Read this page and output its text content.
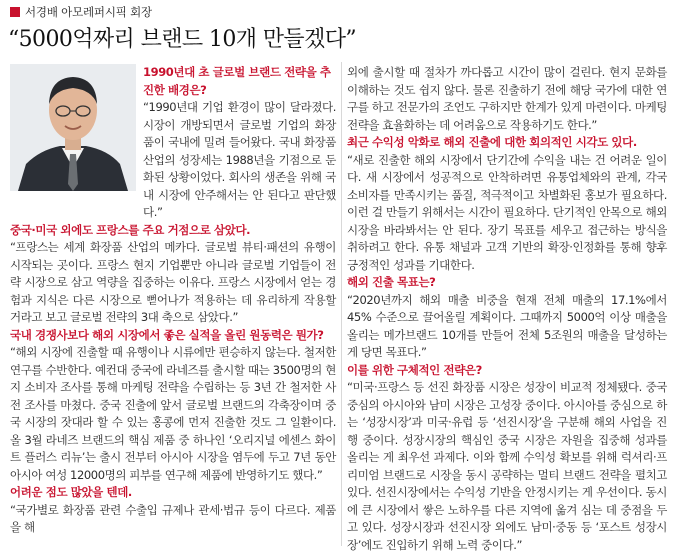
서경배 아모레퍼시픽 회장
“5000억짜리 브랜드 10개 만들겠다”

1990년대 초 글로벌 브랜드 전략을 추진한 배경은?

“1990년대 기업 환경이 많이 달라졌다. 시장이 개방되면서 글로벌 기업의 화장품이 국내에 밀려 들어왔다. 국내 화장품 산업의 성장세는 1988년을 기점으로 둔화된 상황이었다. 회사의 생존을 위해 국내 시장에 안주해서는 안 된다고 판단했다.”

중국·미국 외에도 프랑스를 주요 거점으로 삼았다.

“프랑스는 세계 화장품 산업의 메카다. 글로벌 뷰티·패션의 유행이 시작되는 곳이다. 프랑스 현지 기업뿐만 아니라 글로벌 기업들이 전략 시장으로 삼고 역량을 집중하는 이유다. 프랑스 시장에서 얻는 경험과 지식은 다른 시장으로 뻗어나가 적용하는 데 유리하게 작용할 거라고 보고 글로벌 전략의 3대 축으로 삼았다.”

국내 경쟁사보다 해외 시장에서 좋은 실적을 올린 원동력은 뭔가?

“해외 시장에 진출할 때 유행이나 시류에만 편승하지 않는다. 철저한 연구를 수반한다. 예컨대 중국에 라네즈를 출시할 때는 3500명의 현지 소비자 조사를 통해 마케팅 전략을 수립하는 등 3년 간 철저한 사전 조사를 마쳤다. 중국 진출에 앞서 글로벌 브랜드의 각축장이며 중국 시장의 잣대라 할 수 있는 홍콩에 먼저 진출한 것도 그 일환이다. 올 3월 라네즈 브랜드의 핵심 제품 중 하나인 ‘오리지널 에센스 화이트 플러스 리뉴’는 출시 전부터 아시아 시장을 염두에 두고 7년 동안 아시아 여성 12000명의 피부를 연구해 제품에 반영하기도 했다.”

어려운 점도 많았을 텐데.

“국가별로 화장품 관련 수출입 규제나 관세·법규 등이 다르다. 제품을 해

외에 출시할 때 절차가 까다롭고 시간이 많이 걸린다. 현지 문화를 이해하는 것도 쉽지 않다. 물론 진출하기 전에 해당 국가에 대한 연구를 하고 전문가의 조언도 구하지만 한계가 있게 마련이다. 마케팅 전략을 효율화하는 데 어려움으로 작용하기도 한다.”

최근 수익성 악화로 해외 진출에 대한 회의적인 시각도 있다.

“새로 진출한 해외 시장에서 단기간에 수익을 내는 건 어려운 일이다. 새 시장에서 성공적으로 안착하려면 유통업체와의 관계, 각국 소비자를 만족시키는 품질, 적극적이고 차별화된 홍보가 필요하다. 이런 걸 만들기 위해서는 시간이 필요하다. 단기적인 안목으로 해외 시장을 바라봐서는 안 된다. 장기 목표를 세우고 접근하는 방식을 취하려고 한다. 유통 채널과 고객 기반의 확장·인정화를 통해 향후 긍정적인 성과를 기대한다.

해외 진출 목표는?

“2020년까지 해외 매출 비중을 현재 전체 매출의 17.1%에서 45% 수준으로 끌어올릴 계획이다. 그때까지 5000억 이상 매출을 올리는 메가브랜드 10개를 만들어 전체 5조원의 매출을 달성하는 게 당면 목표다.”

이를 위한 구체적인 전략은?

“미국·프랑스 등 선진 화장품 시장은 성장이 비교적 정체됐다. 중국 중심의 아시아와 남미 시장은 고성장 중이다. 아시아를 중심으로 하는 ‘성장시장’과 미국·유럽 등 ‘선진시장’을 구분해 해외 사업을 진행 중이다. 성장시장의 핵심인 중국 시장은 자원을 집중해 성과를 올리는 게 최우선 과제다. 이와 함께 수익성 확보를 위해 럭셔리·프리미엄 브랜드로 시장을 동시 공략하는 멀티 브랜드 전략을 펼치고 있다. 선진시장에서는 수익성 기반을 안정시키는 게 우선이다. 동시에 큰 시장에서 쌓은 노하우를 다른 지역에 옮겨 심는 데 중점을 두고 있다. 성장시장과 선진시장 외에도 남미·중동 등 ‘포스트 성장시장’에도 진입하기 위해 노력 중이다.”
